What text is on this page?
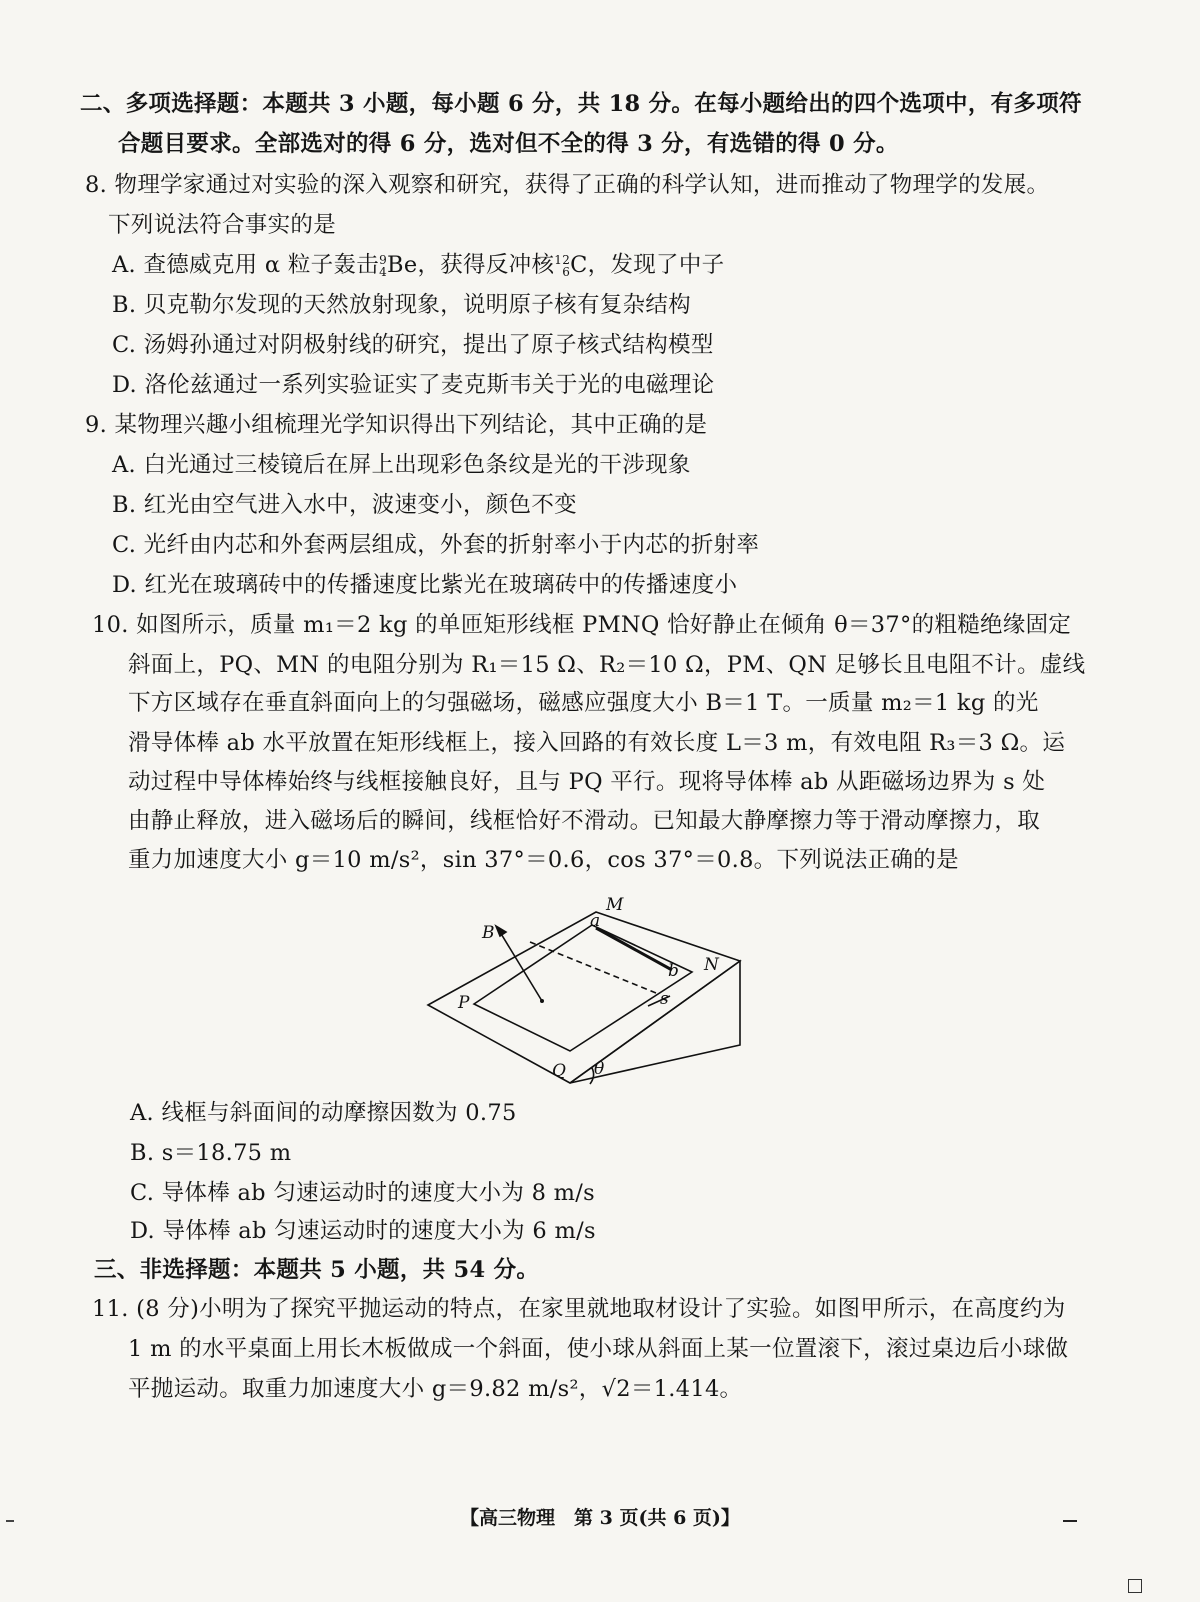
二、多项选择题：本题共 3 小题，每小题 6 分，共 18 分。在每小题给出的四个选项中，有多项符
合题目要求。全部选对的得 6 分，选对但不全的得 3 分，有选错的得 0 分。
8. 物理学家通过对实验的深入观察和研究，获得了正确的科学认知，进而推动了物理学的发展。
下列说法符合事实的是
A. 查德威克用 α 粒子轰击 9
4 Be，获得反冲核 12
6 C，发现了中子
B. 贝克勒尔发现的天然放射现象，说明原子核有复杂结构
C. 汤姆孙通过对阴极射线的研究，提出了原子核式结构模型
D. 洛伦兹通过一系列实验证实了麦克斯韦关于光的电磁理论
9. 某物理兴趣小组梳理光学知识得出下列结论，其中正确的是
A. 白光通过三棱镜后在屏上出现彩色条纹是光的干涉现象
B. 红光由空气进入水中，波速变小，颜色不变
C. 光纤由内芯和外套两层组成，外套的折射率小于内芯的折射率
D. 红光在玻璃砖中的传播速度比紫光在玻璃砖中的传播速度小
10. 如图所示，质量 m₁＝2 kg 的单匝矩形线框 PMNQ 恰好静止在倾角 θ＝37°的粗糙绝缘固定
斜面上，PQ、MN 的电阻分别为 R₁＝15 Ω、R₂＝10 Ω，PM、QN 足够长且电阻不计。虚线
下方区域存在垂直斜面向上的匀强磁场，磁感应强度大小 B＝1 T。一质量 m₂＝1 kg 的光
滑导体棒 ab 水平放置在矩形线框上，接入回路的有效长度 L＝3 m，有效电阻 R₃＝3 Ω。运
动过程中导体棒始终与线框接触良好，且与 PQ 平行。现将导体棒 ab 从距磁场边界为 s 处
由静止释放，进入磁场后的瞬间，线框恰好不滑动。已知最大静摩擦力等于滑动摩擦力，取
重力加速度大小 g＝10 m/s²，sin 37°＝0.6，cos 37°＝0.8。下列说法正确的是
B
M
a
b N
P	s
Q θ
A. 线框与斜面间的动摩擦因数为 0.75
B. s＝18.75 m
C. 导体棒 ab 匀速运动时的速度大小为 8 m/s
D. 导体棒 ab 匀速运动时的速度大小为 6 m/s
三、非选择题：本题共 5 小题，共 54 分。
11. (8 分)小明为了探究平抛运动的特点，在家里就地取材设计了实验。如图甲所示，在高度约为
1 m 的水平桌面上用长木板做成一个斜面，使小球从斜面上某一位置滚下，滚过桌边后小球做
平抛运动。取重力加速度大小 g＝9.82 m/s²，√2＝1.414。
【高三物理　第 3 页(共 6 页)】
